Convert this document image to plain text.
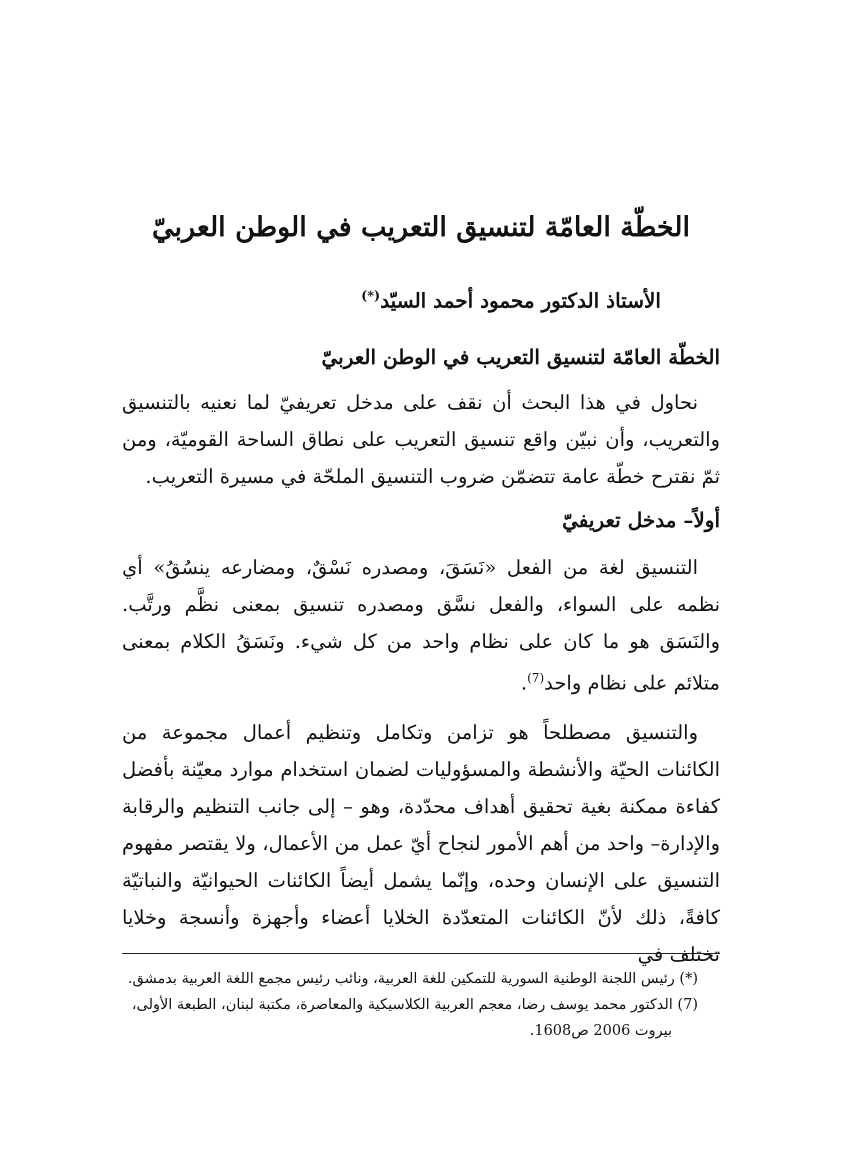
الخطّة العامّة لتنسيق التعريب في الوطن العربيّ
الأستاذ الدكتور محمود أحمد السيّد(*)
الخطّة العامّة لتنسيق التعريب في الوطن العربيّ

نحاول في هذا البحث أن نقف على مدخل تعريفيّ لما نعنيه بالتنسيق والتعريب، وأن نبيّن واقع تنسيق التعريب على نطاق الساحة القوميّة، ومن ثمّ نقترح خطّة عامة تتضمّن ضروب التنسيق الملحّة في مسيرة التعريب.

أولاً– مدخل تعريفيّ

التنسيق لغة من الفعل «نَسَقَ، ومصدره نَسْقٌ، ومضارعه ينسُقُ» أي نظمه على السواء، والفعل نسَّق ومصدره تنسيق بمعنى نظَّم ورتَّب. والنَسَق هو ما كان على نظام واحد من كل شيء. ونَسَقُ الكلام بمعنى متلائم على نظام واحد$^{(7)}$.

والتنسيق مصطلحاً هو تزامن وتكامل وتنظيم أعمال مجموعة من الكائنات الحيّة والأنشطة والمسؤوليات لضمان استخدام موارد معيّنة بأفضل كفاءة ممكنة بغية تحقيق أهداف محدّدة، وهو – إلى جانب التنظيم والرقابة والإدارة– واحد من أهم الأمور لنجاح أيّ عمل من الأعمال، ولا يقتصر مفهوم التنسيق على الإنسان وحده، وإنّما يشمل أيضاً الكائنات الحيوانيّة والنباتيّة كافةً، ذلك لأنّ الكائنات المتعدّدة الخلايا أعضاء وأجهزة وأنسجة وخلايا تختلف في

(*) رئيس اللجنة الوطنية السورية للتمكين للغة العربية، ونائب رئيس مجمع اللغة العربية بدمشق.

(7) الدكتور محمد يوسف رضا، معجم العربية الكلاسيكية والمعاصرة، مكتبة لبنان، الطبعة الأولى،

بيروت 2006 ص1608.
